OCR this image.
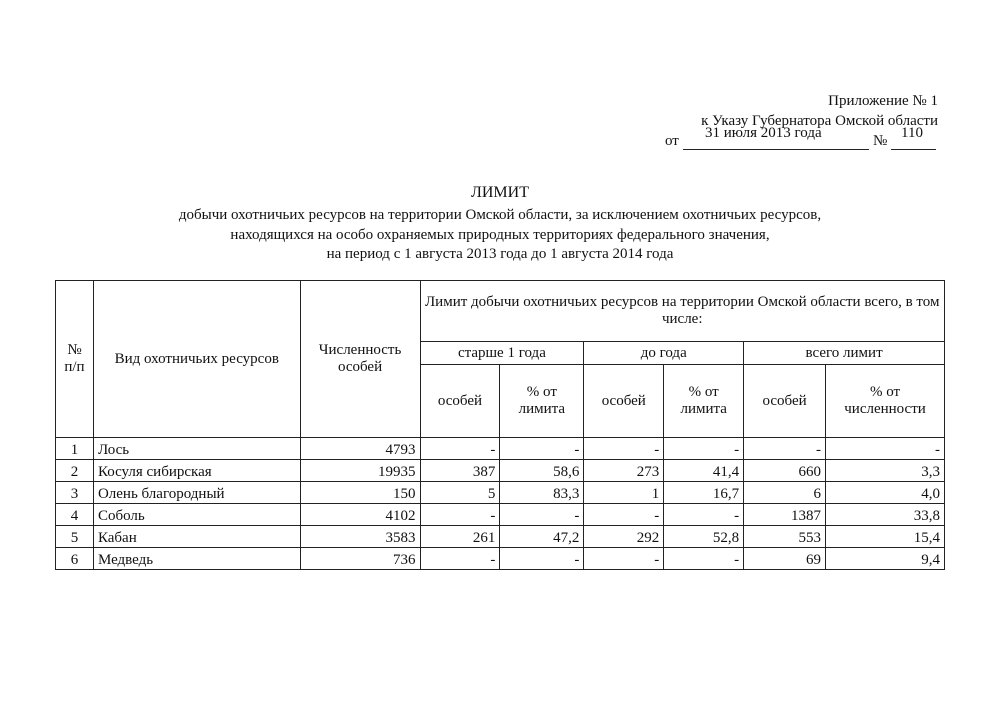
Приложение № 1
к Указу Губернатора Омской области
от 31 июля 2013 года	№ 110
ЛИМИТ
добычи охотничьих ресурсов на территории Омской области, за исключением охотничьих ресурсов,
находящихся на особо охраняемых природных территориях федерального значения,
на период с 1 августа 2013 года до 1 августа 2014 года
№ п/п	Вид охотничьих ресурсов	Численность особей	Лимит добычи охотничьих ресурсов на территории Омской области всего, в том числе:					
			старше 1 года		до года		всего лимит	
			особей	% от лимита	особей	% от лимита	особей	% от численности
1	Лось	4793	-	-	-	-	-	-
2	Косуля сибирская	19935	387	58,6	273	41,4	660	3,3
3	Олень благородный	150	5	83,3	1	16,7	6	4,0
4	Соболь	4102	-	-	-	-	1387	33,8
5	Кабан	3583	261	47,2	292	52,8	553	15,4
6	Медведь	736	-	-	-	-	69	9,4
